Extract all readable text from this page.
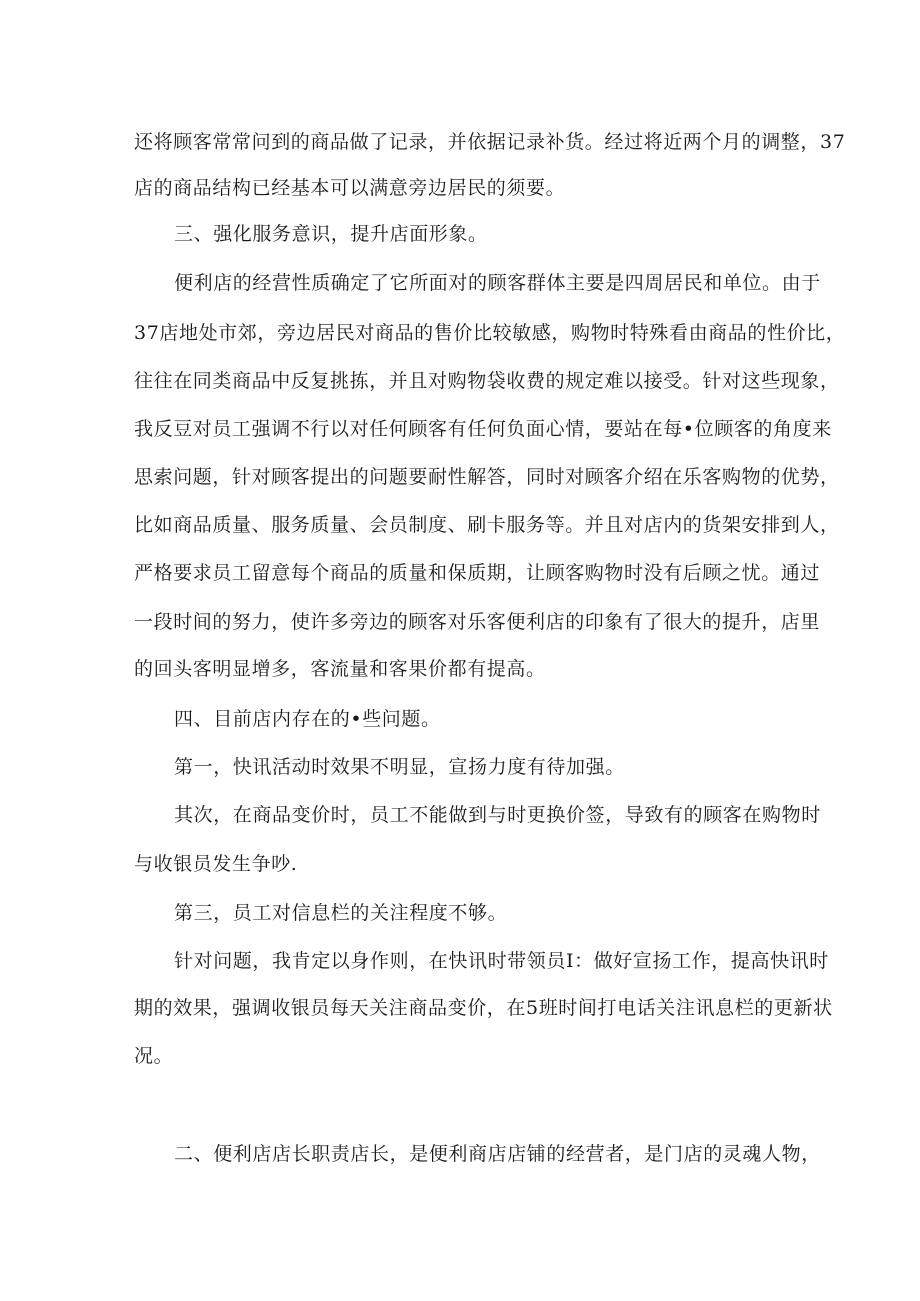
还将顾客常常问到的商品做了记录，并依据记录补货。经过将近两个月的调整，37
店的商品结构已经基本可以满意旁边居民的须要。
三、强化服务意识，提升店面形象。
便利店的经营性质确定了它所面对的顾客群体主要是四周居民和单位。由于
37店地处市郊，旁边居民对商品的售价比较敏感，购物时特殊看由商品的性价比，
往往在同类商品中反复挑拣，并且对购物袋收费的规定难以接受。针对这些现象，
我反豆对员工强调不行以对任何顾客有任何负面心情，要站在每•位顾客的角度来
思索问题，针对顾客提出的问题要耐性解答，同时对顾客介绍在乐客购物的优势，
比如商品质量、服务质量、会员制度、刷卡服务等。并且对店内的货架安排到人，
严格要求员工留意每个商品的质量和保质期，让顾客购物时没有后顾之忧。通过
一段时间的努力，使许多旁边的顾客对乐客便利店的印象有了很大的提升，店里
的回头客明显增多，客流量和客果价都有提高。
四、目前店内存在的•些问题。
第一，快讯活动时效果不明显，宣扬力度有待加强。
其次，在商品变价时，员工不能做到与时更换价签，导致有的顾客在购物时
与收银员发生争吵.
第三，员工对信息栏的关注程度不够。
针对问题，我肯定以身作则，在快讯时带领员I：做好宣扬工作，提高快讯时
期的效果，强调收银员每天关注商品变价，在5班时间打电话关注讯息栏的更新状
况。
二、便利店店长职责店长，是便利商店店铺的经营者，是门店的灵魂人物，
